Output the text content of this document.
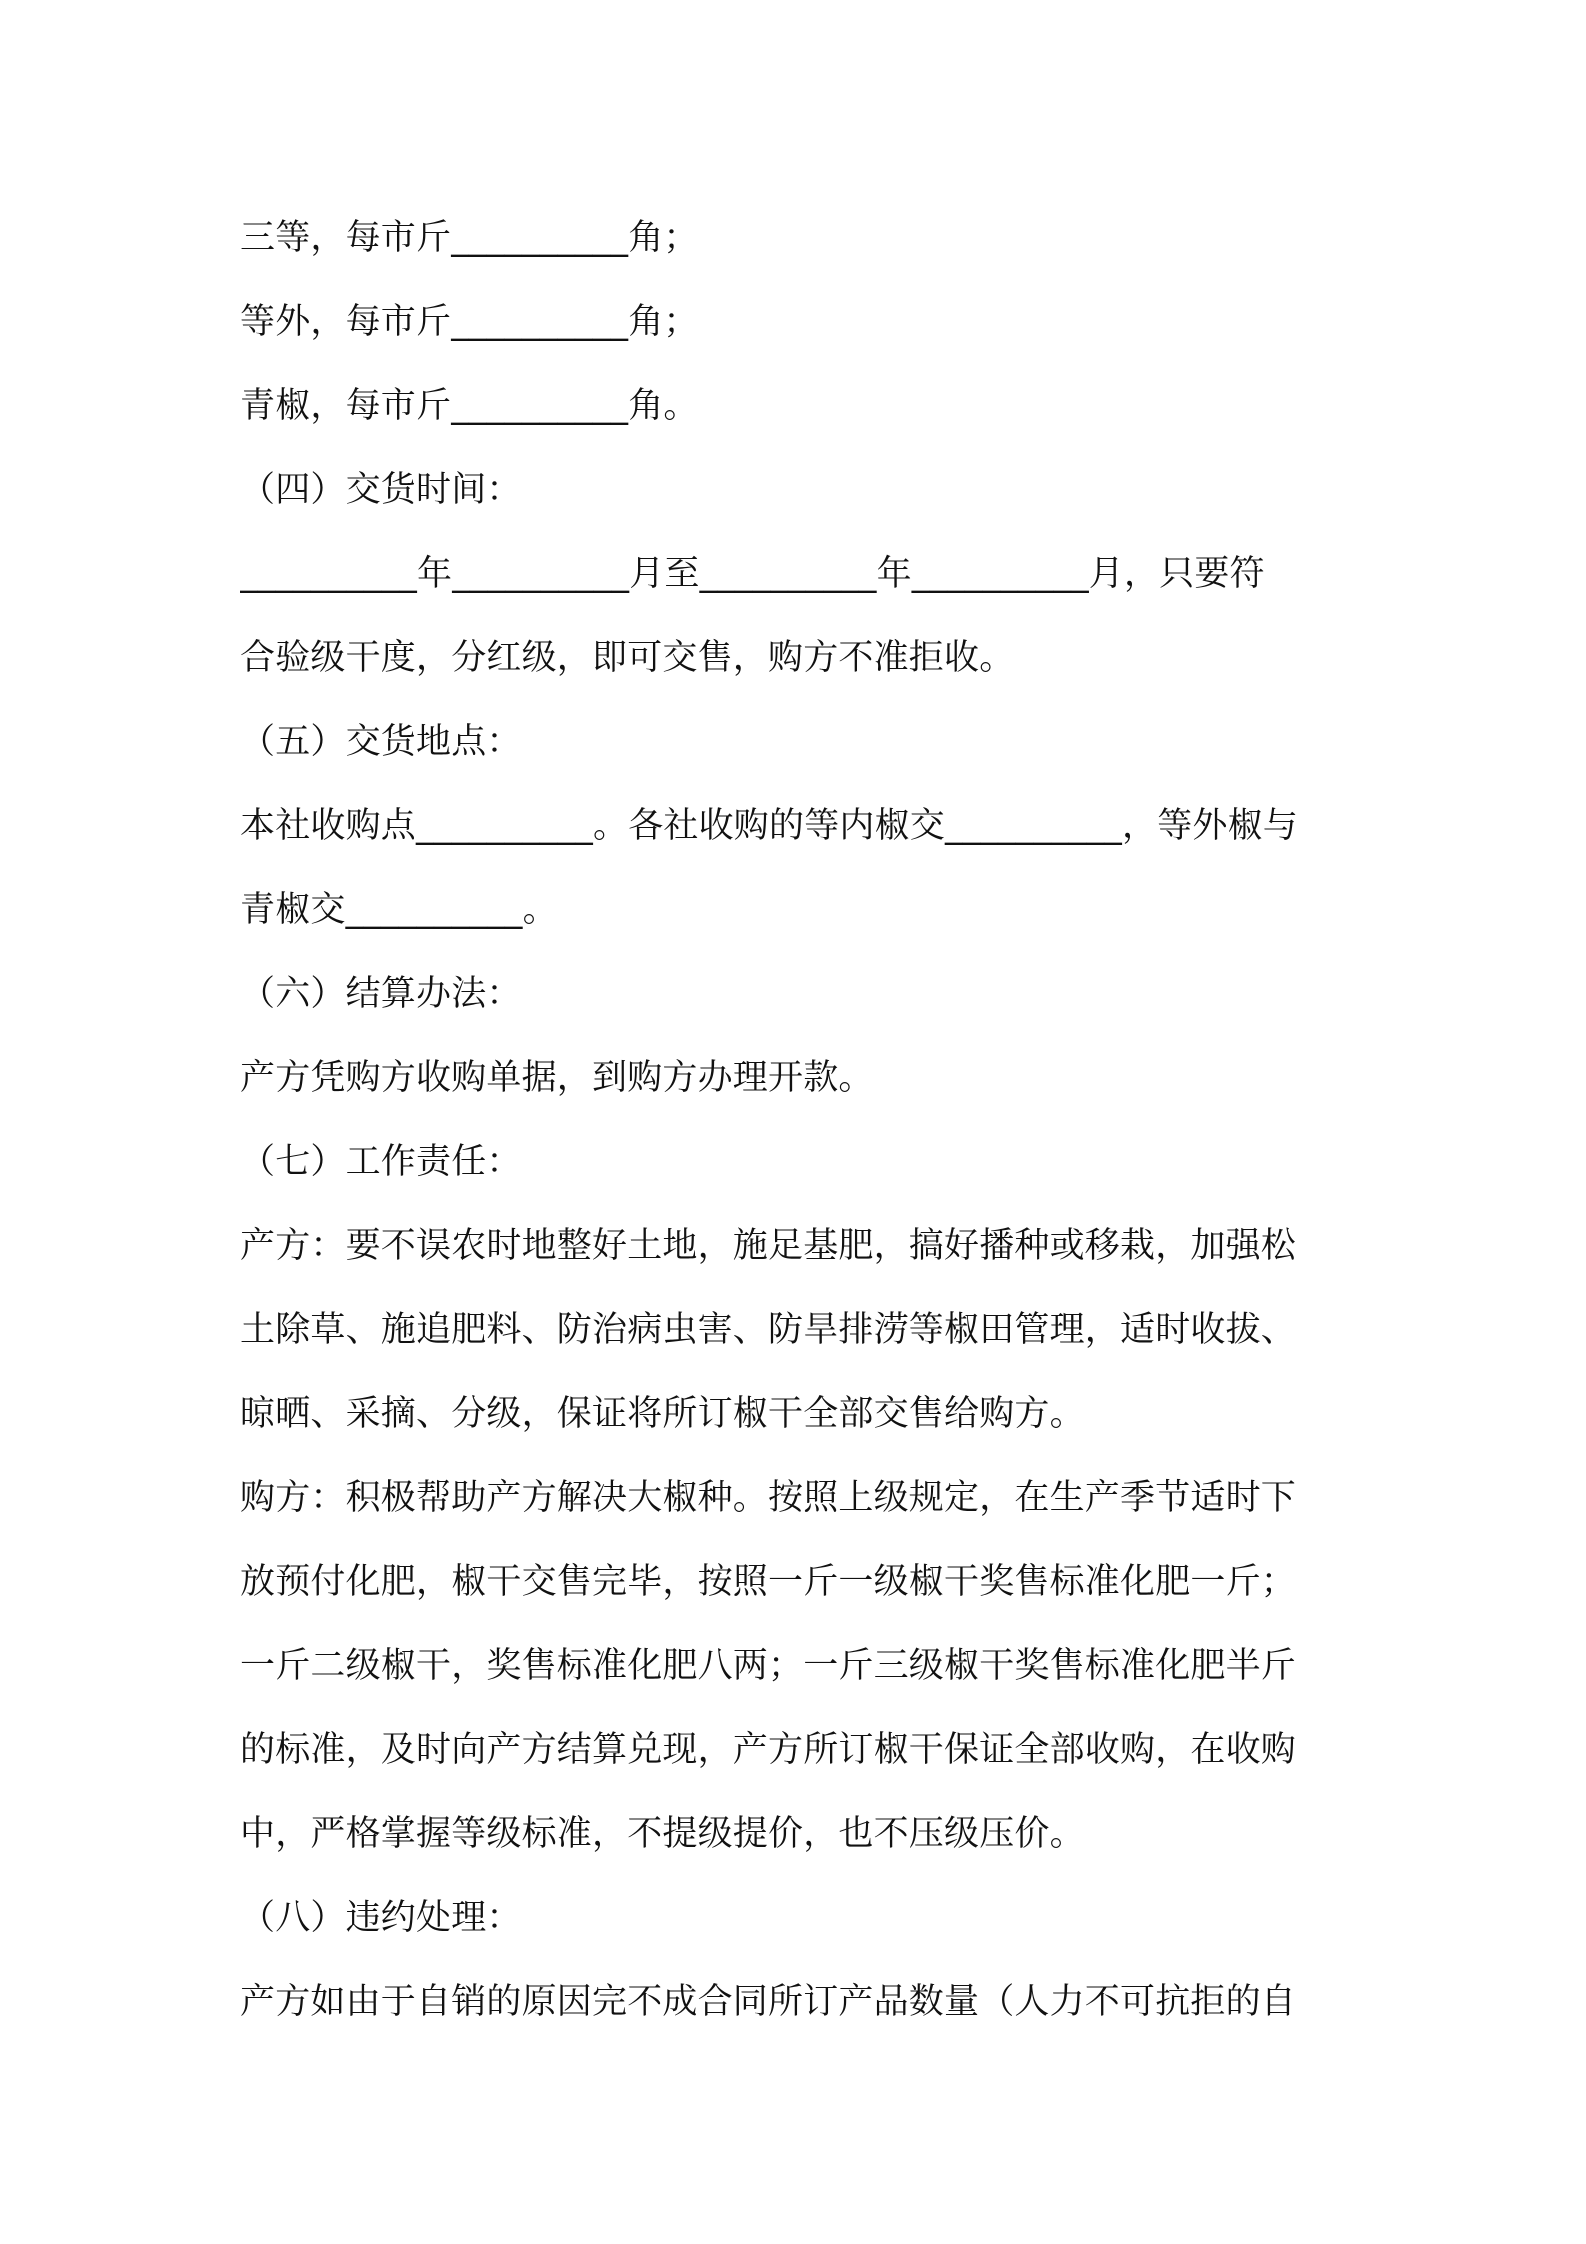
三等，每市斤__________角；
等外，每市斤__________角；
青椒，每市斤__________角。
（四）交货时间：
__________年__________月至__________年__________月，只要符
合验级干度，分红级，即可交售，购方不准拒收。
（五）交货地点：
本社收购点__________。各社收购的等内椒交__________，等外椒与
青椒交__________。
（六）结算办法：
产方凭购方收购单据，到购方办理开款。
（七）工作责任：
产方：要不误农时地整好土地，施足基肥，搞好播种或移栽，加强松
土除草、施追肥料、防治病虫害、防旱排涝等椒田管理，适时收拔、
晾晒、采摘、分级，保证将所订椒干全部交售给购方。
购方：积极帮助产方解决大椒种。按照上级规定，在生产季节适时下
放预付化肥，椒干交售完毕，按照一斤一级椒干奖售标准化肥一斤；
一斤二级椒干，奖售标准化肥八两；一斤三级椒干奖售标准化肥半斤
的标准，及时向产方结算兑现，产方所订椒干保证全部收购，在收购
中，严格掌握等级标准，不提级提价，也不压级压价。
（八）违约处理：
产方如由于自销的原因完不成合同所订产品数量（人力不可抗拒的自
